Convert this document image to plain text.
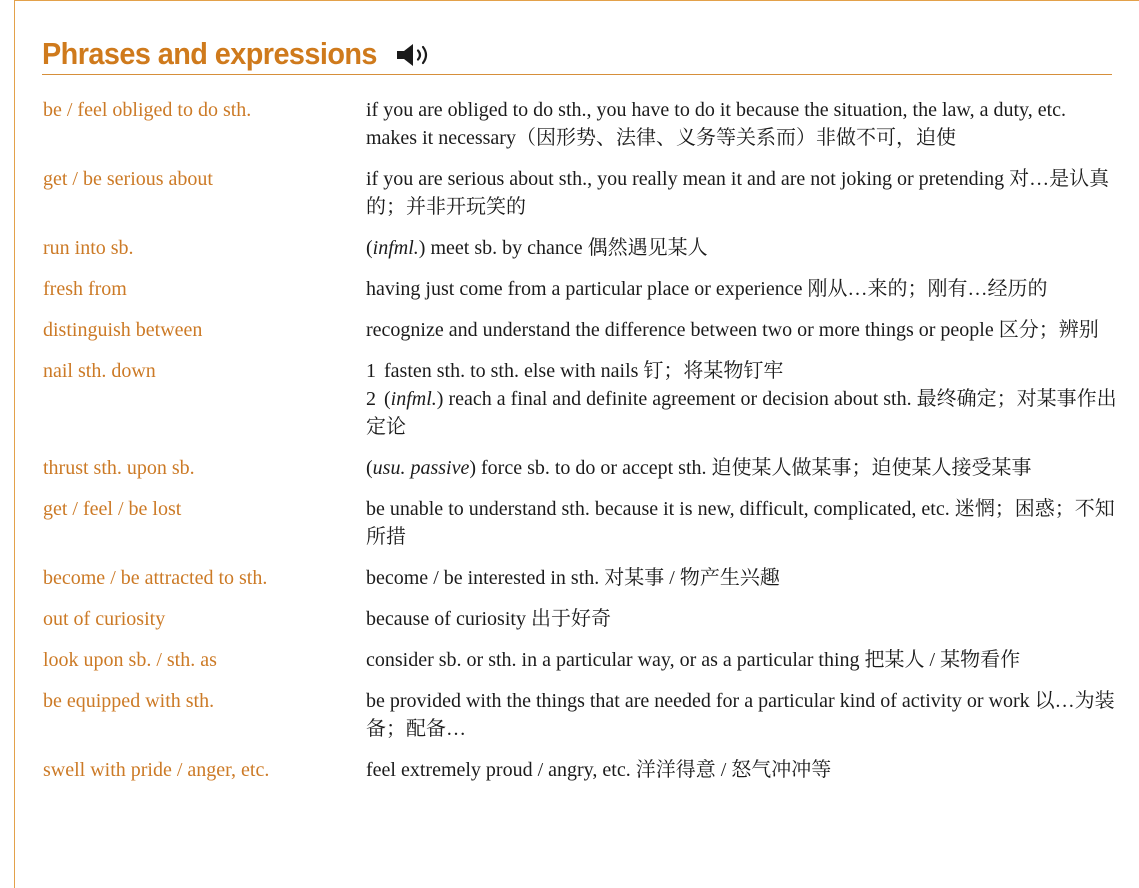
Phrases and expressions
be / feel obliged to do sth.	if you are obliged to do sth., you have to do it because the situation, the law, a duty, etc. makes it necessary（因形势、法律、义务等关系而）非做不可，迫使
get / be serious about	if you are serious about sth., you really mean it and are not joking or pretending 对…是认真的；并非开玩笑的
run into sb.	(infml.) meet sb. by chance 偶然遇见某人
fresh from	having just come from a particular place or experience 刚从…来的；刚有…经历的
distinguish between	recognize and understand the difference between two or more things or people 区分；辨别
nail sth. down	1 fasten sth. to sth. else with nails 钉；将某物钉牢
2 (infml.) reach a final and definite agreement or decision about sth. 最终确定；对某事作出定论
thrust sth. upon sb.	(usu. passive) force sb. to do or accept sth. 迫使某人做某事；迫使某人接受某事
get / feel / be lost	be unable to understand sth. because it is new, difficult, complicated, etc. 迷惘；困惑；不知所措
become / be attracted to sth.	become / be interested in sth. 对某事 / 物产生兴趣
out of curiosity	because of curiosity 出于好奇
look upon sb. / sth. as	consider sb. or sth. in a particular way, or as a particular thing 把某人 / 某物看作
be equipped with sth.	be provided with the things that are needed for a particular kind of activity or work 以…为装备；配备…
swell with pride / anger, etc.	feel extremely proud / angry, etc. 洋洋得意 / 怒气冲冲等
